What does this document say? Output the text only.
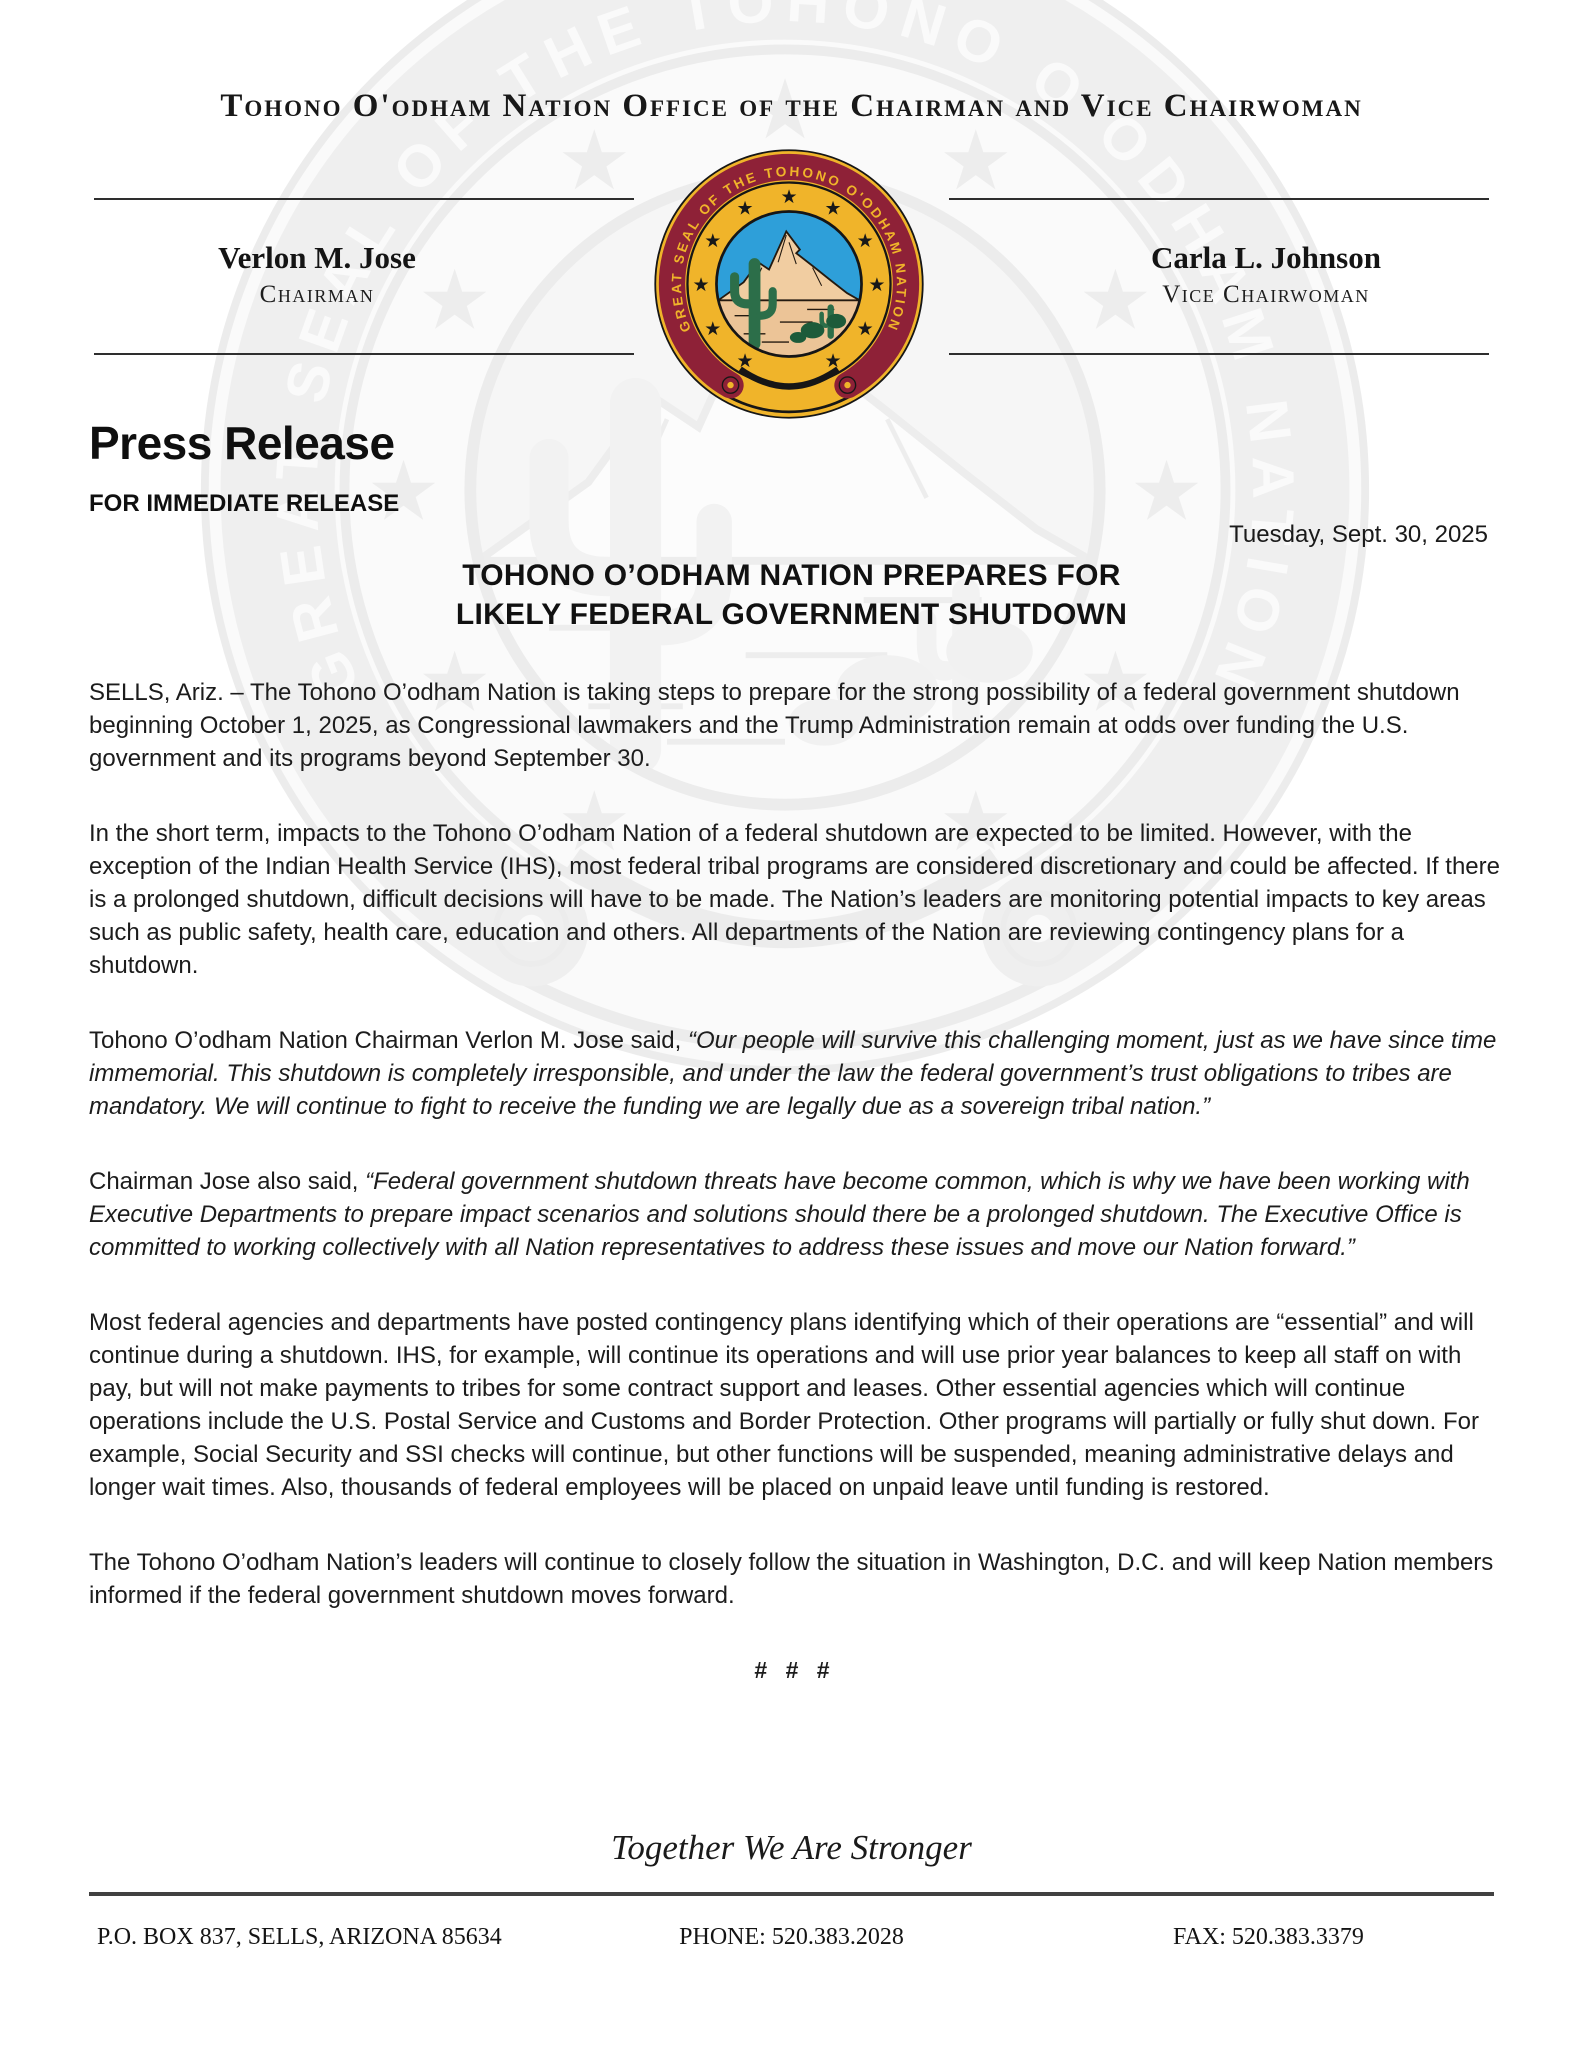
Tohono O'odham Nation Office of the Chairman and Vice Chairwoman
Verlon M. Jose
Chairman
Carla L. Johnson
Vice Chairwoman
Press Release
FOR IMMEDIATE RELEASE
Tuesday, Sept. 30, 2025
TOHONO O’ODHAM NATION PREPARES FOR
LIKELY FEDERAL GOVERNMENT SHUTDOWN

SELLS, Ariz. – The Tohono O’odham Nation is taking steps to prepare for the strong possibility of a federal government shutdown beginning October 1, 2025, as Congressional lawmakers and the Trump Administration remain at odds over funding the U.S. government and its programs beyond September 30.

In the short term, impacts to the Tohono O’odham Nation of a federal shutdown are expected to be limited. However, with the exception of the Indian Health Service (IHS), most federal tribal programs are considered discretionary and could be affected. If there is a prolonged shutdown, difficult decisions will have to be made. The Nation’s leaders are monitoring potential impacts to key areas such as public safety, health care, education and others. All departments of the Nation are reviewing contingency plans for a shutdown.

Tohono O’odham Nation Chairman Verlon M. Jose said, “Our people will survive this challenging moment, just as we have since time immemorial. This shutdown is completely irresponsible, and under the law the federal government’s trust obligations to tribes are mandatory. We will continue to fight to receive the funding we are legally due as a sovereign tribal nation.”

Chairman Jose also said, “Federal government shutdown threats have become common, which is why we have been working with Executive Departments to prepare impact scenarios and solutions should there be a prolonged shutdown. The Executive Office is committed to working collectively with all Nation representatives to address these issues and move our Nation forward.”

Most federal agencies and departments have posted contingency plans identifying which of their operations are “essential” and will continue during a shutdown. IHS, for example, will continue its operations and will use prior year balances to keep all staff on with pay, but will not make payments to tribes for some contract support and leases. Other essential agencies which will continue operations include the U.S. Postal Service and Customs and Border Protection. Other programs will partially or fully shut down. For example, Social Security and SSI checks will continue, but other functions will be suspended, meaning administrative delays and longer wait times. Also, thousands of federal employees will be placed on unpaid leave until funding is restored.

The Tohono O’odham Nation’s leaders will continue to closely follow the situation in Washington, D.C. and will keep Nation members informed if the federal government shutdown moves forward.

# # #
Together We Are Stronger
P.O. BOX 837, SELLS, ARIZONA 85634	PHONE: 520.383.2028	FAX: 520.383.3379
